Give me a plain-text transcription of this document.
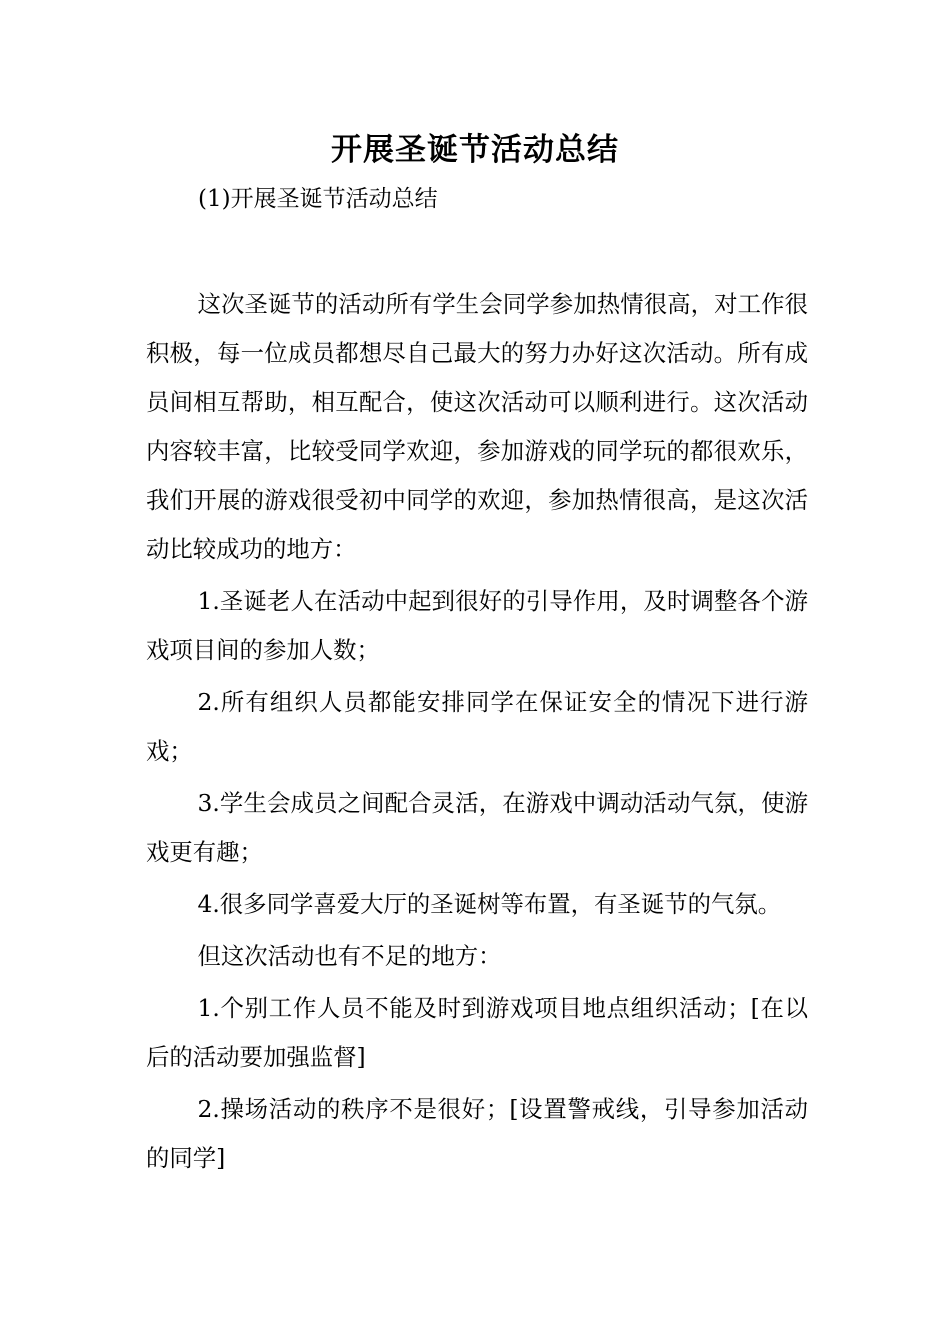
开展圣诞节活动总结
(1)开展圣诞节活动总结

这次圣诞节的活动所有学生会同学参加热情很高，对工作很积极，每一位成员都想尽自己最大的努力办好这次活动。所有成员间相互帮助，相互配合，使这次活动可以顺利进行。这次活动内容较丰富，比较受同学欢迎，参加游戏的同学玩的都很欢乐，我们开展的游戏很受初中同学的欢迎，参加热情很高，是这次活动比较成功的地方：

1.圣诞老人在活动中起到很好的引导作用，及时调整各个游戏项目间的参加人数；

2.所有组织人员都能安排同学在保证安全的情况下进行游戏；

3.学生会成员之间配合灵活，在游戏中调动活动气氛，使游戏更有趣；

4.很多同学喜爱大厅的圣诞树等布置，有圣诞节的气氛。

但这次活动也有不足的地方：

1.个别工作人员不能及时到游戏项目地点组织活动；[在以后的活动要加强监督]

2.操场活动的秩序不是很好；[设置警戒线，引导参加活动的同学]
